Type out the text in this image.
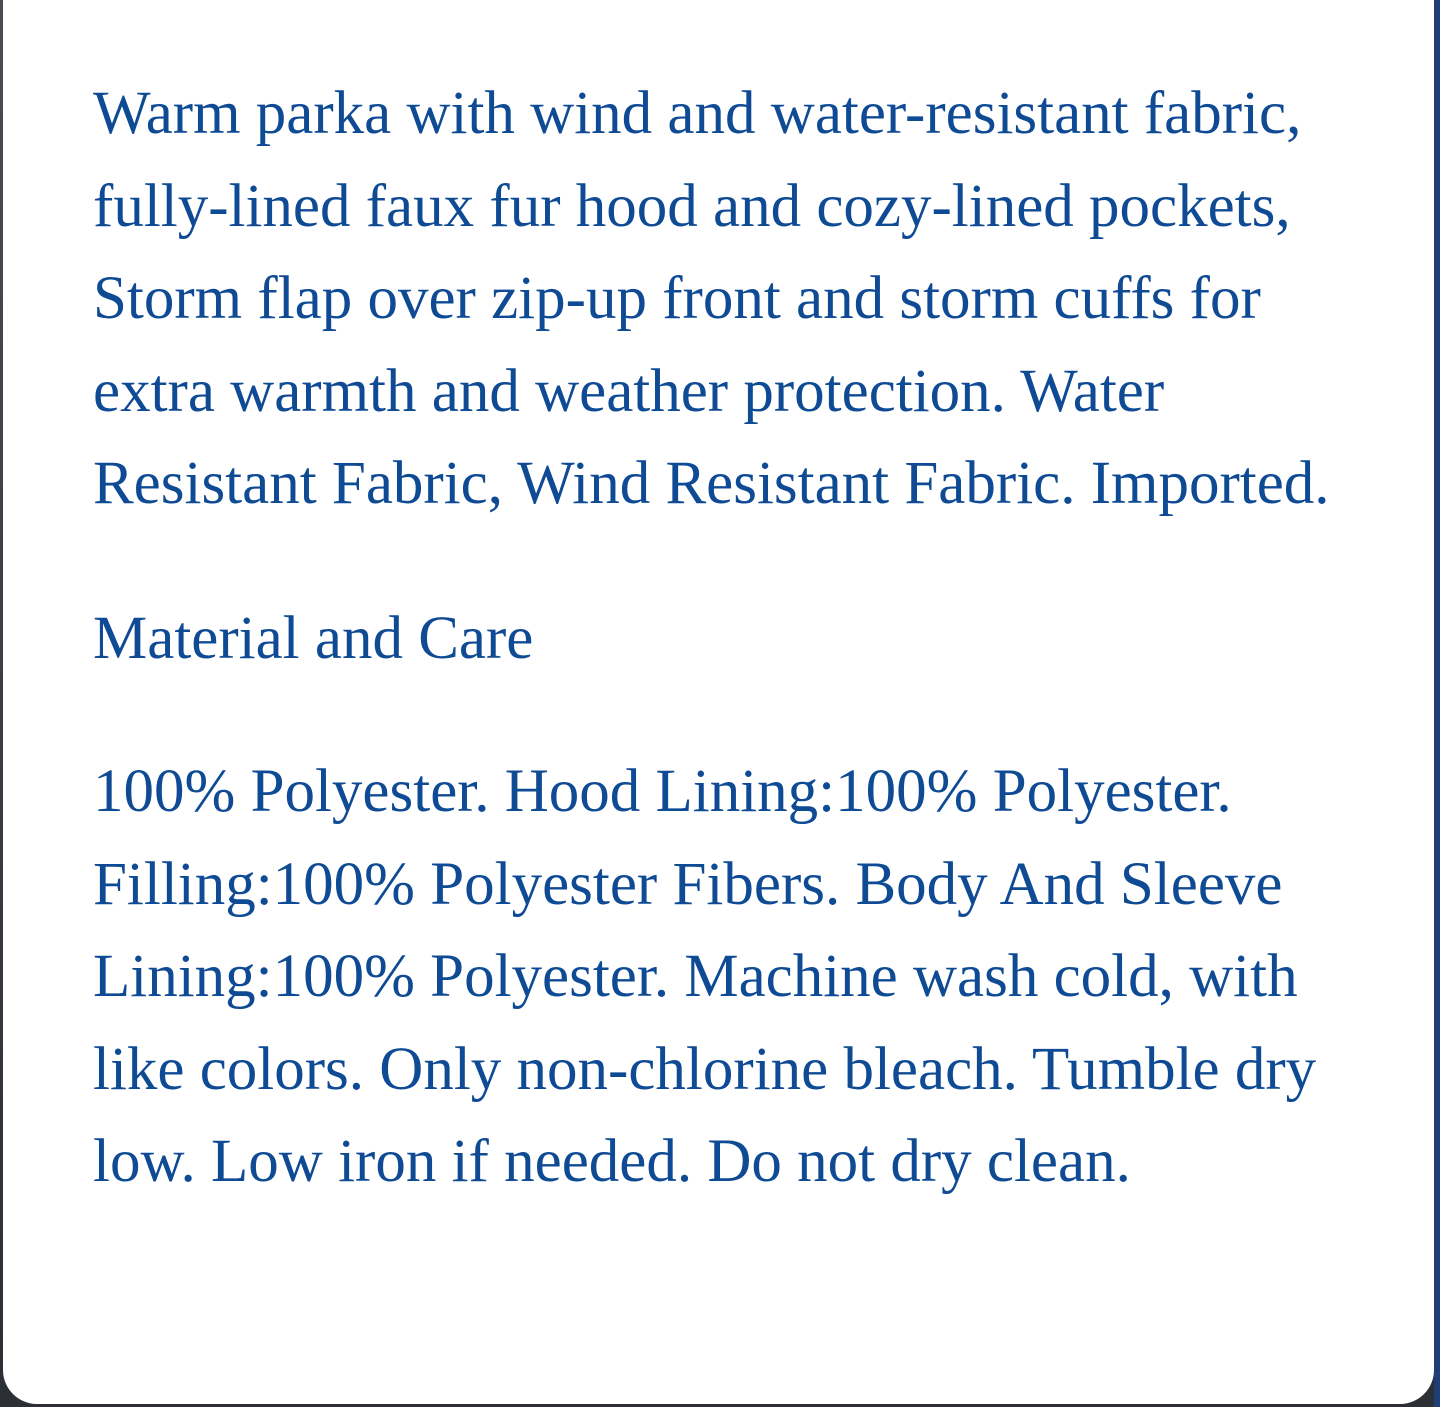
Warm parka with wind and water-resistant fabric, fully-lined faux fur hood and cozy-lined pockets, Storm flap over zip-up front and storm cuffs for extra warmth and weather protection. Water Resistant Fabric, Wind Resistant Fabric. Imported.

Material and Care

100% Polyester. Hood Lining:100% Polyester. Filling:100% Polyester Fibers. Body And Sleeve Lining:100% Polyester. Machine wash cold, with like colors. Only non-chlorine bleach. Tumble dry low. Low iron if needed. Do not dry clean.
